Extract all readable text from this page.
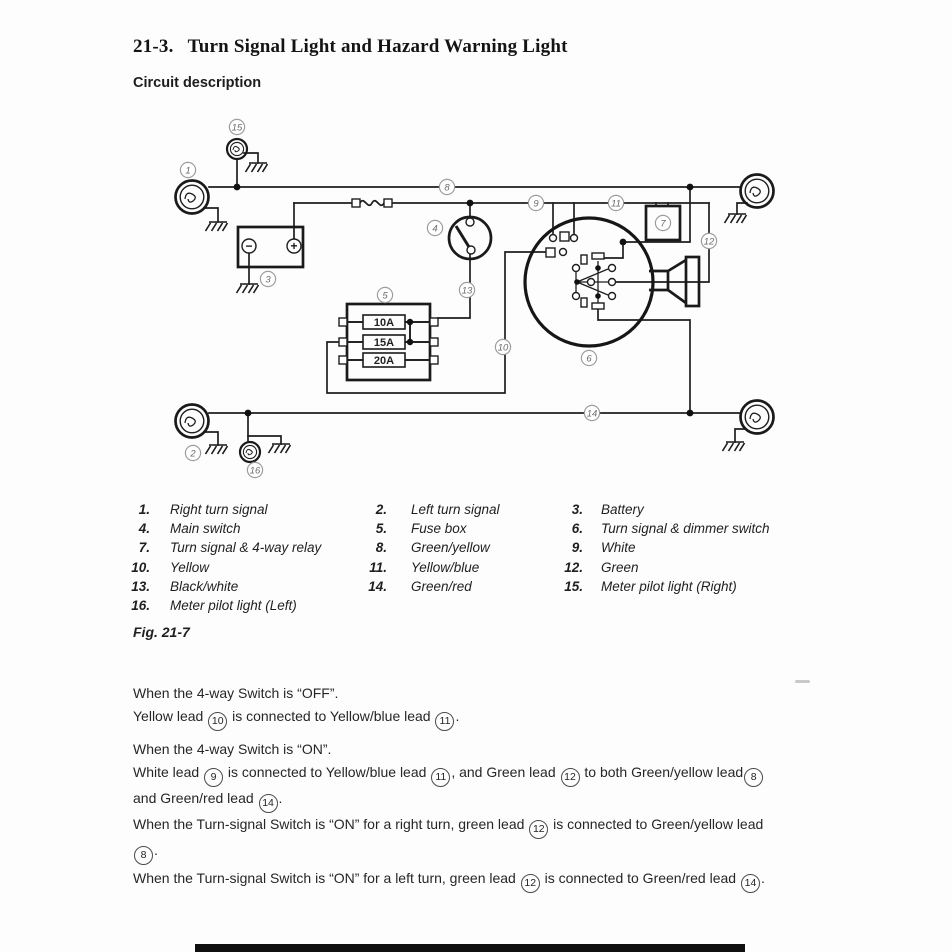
21-3. Turn Signal Light and Hazard Warning Light
Circuit description
−	+
10A
15A
20A
1
2
3
4
5
6
7
8
9
10
11
12
13
14
15
16
1. Right turn signal
4. Main switch
7. Turn signal & 4-way relay
10. Yellow
13. Black/white
16. Meter pilot light (Left)
2. Left turn signal
5. Fuse box
8. Green/yellow
11. Yellow/blue
14. Green/red
3. Battery
6. Turn signal & dimmer switch
9. White
12. Green
15. Meter pilot light (Right)
Fig. 21-7
When the 4-way Switch is “OFF”.
Yellow lead 10 is connected to Yellow/blue lead 11 .
When the 4-way Switch is “ON”.
White lead 9 is connected to Yellow/blue lead 11 , and Green lead 12 to both Green/yellow lead 8
and Green/red lead 14 .
When the Turn-signal Switch is “ON” for a right turn, green lead 12 is connected to Green/yellow lead
8 .
When the Turn-signal Switch is “ON” for a left turn, green lead 12 is connected to Green/red lead 14 .
